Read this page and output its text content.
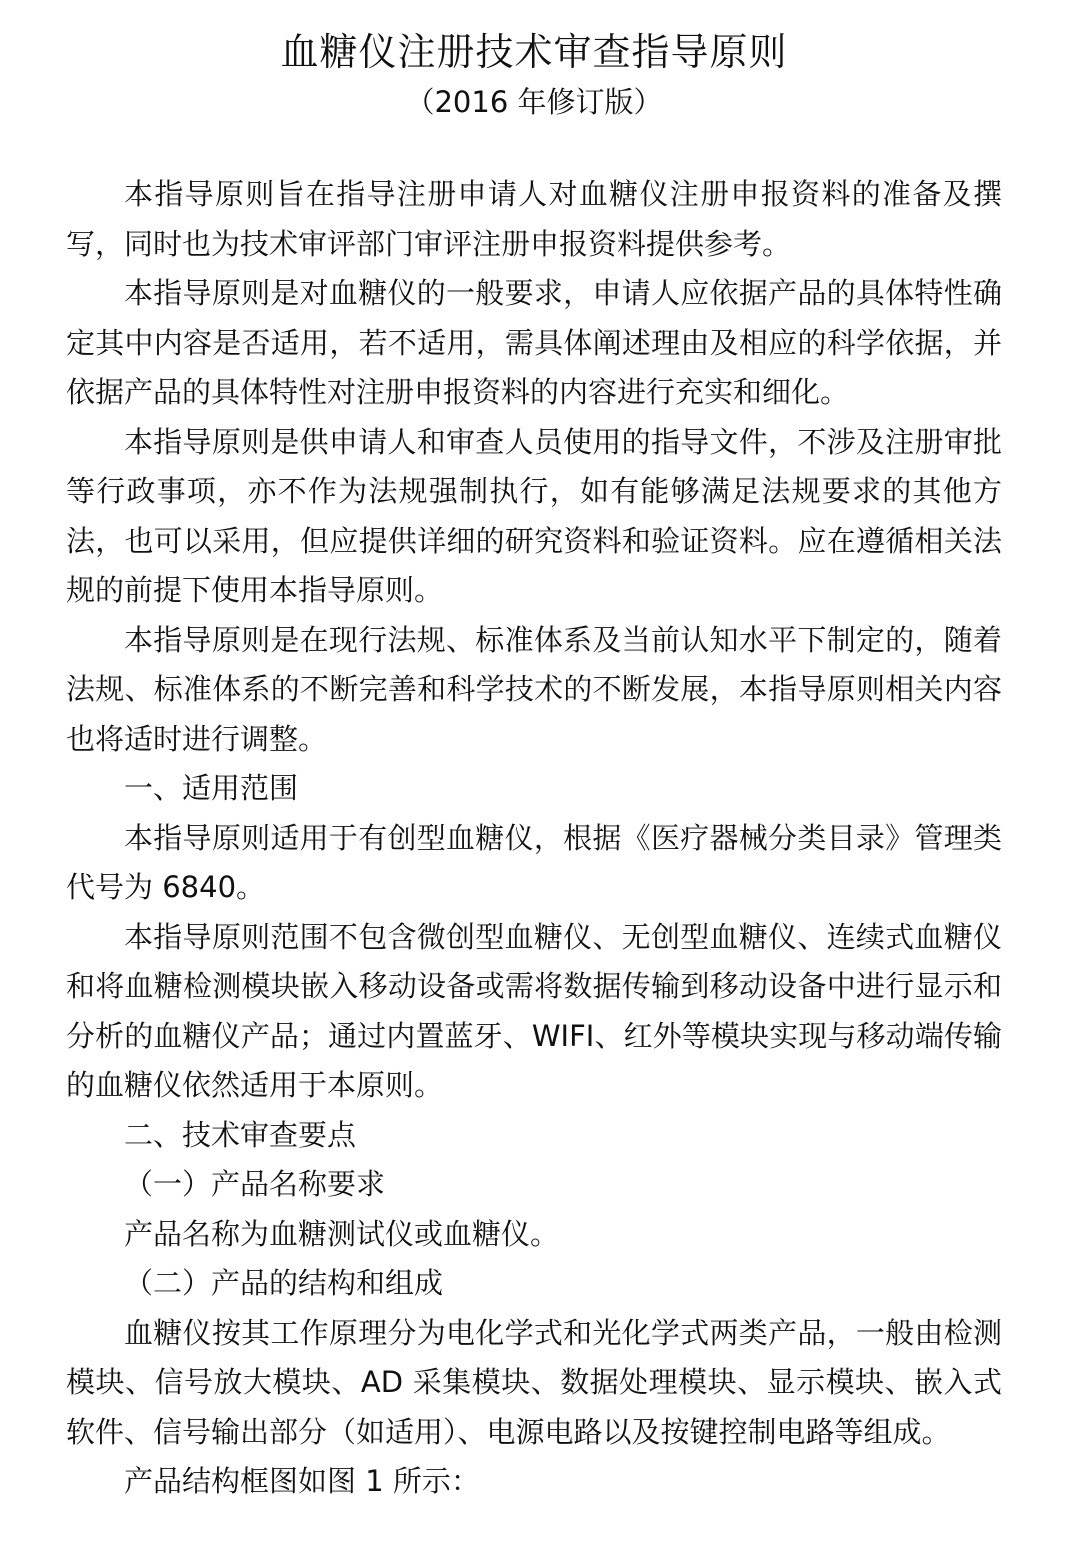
血糖仪注册技术审查指导原则

（2016 年修订版）

本指导原则旨在指导注册申请人对血糖仪注册申报资料的准备及撰写，同时也为技术审评部门审评注册申报资料提供参考。

本指导原则是对血糖仪的一般要求，申请人应依据产品的具体特性确定其中内容是否适用，若不适用，需具体阐述理由及相应的科学依据，并依据产品的具体特性对注册申报资料的内容进行充实和细化。

本指导原则是供申请人和审查人员使用的指导文件，不涉及注册审批等行政事项，亦不作为法规强制执行，如有能够满足法规要求的其他方法，也可以采用，但应提供详细的研究资料和验证资料。应在遵循相关法规的前提下使用本指导原则。

本指导原则是在现行法规、标准体系及当前认知水平下制定的，随着法规、标准体系的不断完善和科学技术的不断发展，本指导原则相关内容也将适时进行调整。

一、适用范围

本指导原则适用于有创型血糖仪，根据《医疗器械分类目录》管理类代号为 6840。

本指导原则范围不包含微创型血糖仪、无创型血糖仪、连续式血糖仪和将血糖检测模块嵌入移动设备或需将数据传输到移动设备中进行显示和分析的血糖仪产品；通过内置蓝牙、WIFI、红外等模块实现与移动端传输的血糖仪依然适用于本原则。

二、技术审查要点

（一）产品名称要求

产品名称为血糖测试仪或血糖仪。

（二）产品的结构和组成

血糖仪按其工作原理分为电化学式和光化学式两类产品，一般由检测模块、信号放大模块、AD 采集模块、数据处理模块、显示模块、嵌入式软件、信号输出部分（如适用）、电源电路以及按键控制电路等组成。

产品结构框图如图 1 所示：
